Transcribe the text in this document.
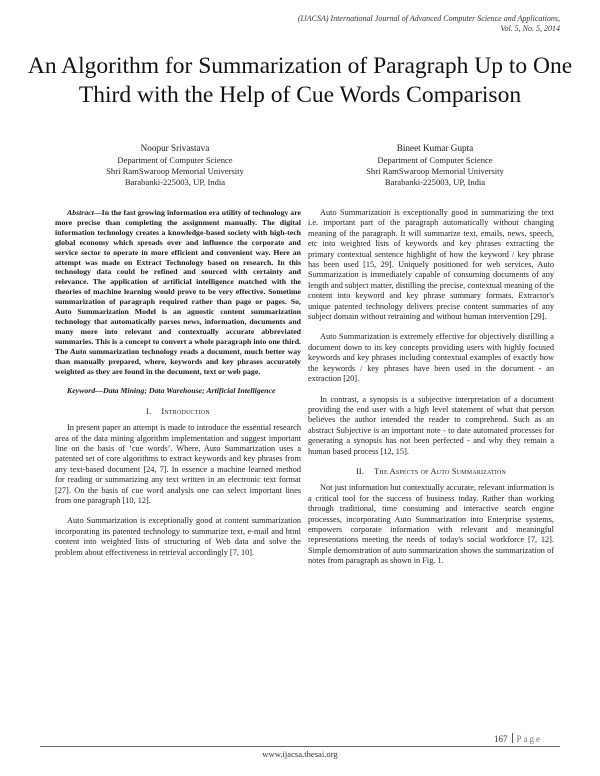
(IJACSA) International Journal of Advanced Computer Science and Applications,
Vol. 5, No. 5, 2014
An Algorithm for Summarization of Paragraph Up to One Third with the Help of Cue Words Comparison
Noopur Srivastava
Department of Computer Science
Shri RamSwaroop Memorial University
Barabanki-225003, UP, India
Bineet Kumar Gupta
Department of Computer Science
Shri RamSwaroop Memorial University
Barabanki-225003, UP, India

Abstract—In the fast growing information era utility of technology are more precise than completing the assignment manually. The digital information technology creates a knowledge-based society with high-tech global economy which spreads over and influence the corporate and service sector to operate in more efficient and convenient way. Here an attempt was made on Extract Technology based on research. In this technology data could be refined and sourced with certainty and relevance. The application of artificial intelligence matched with the theories of machine learning would prove to be very effective. Sometime summarization of paragraph required rather than page or pages. So, Auto Summarization Model is an agnostic content summarization technology that automatically parses news, information, documents and many more into relevant and contextually accurate abbreviated summaries. This is a concept to convert a whole paragraph into one third. The Auto summarization technology reads a document, much better way than manually prepared, where, keywords and key phrases accurately weighted as they are found in the document, text or web page.

Keyword—Data Mining; Data Warehouse; Artificial Intelligence

I. Introduction

In present paper an attempt is made to introduce the essential research area of the data mining algorithm implementation and suggest important line on the basis of ‘cue words’. Where, Auto Summarization uses a patented set of core algorithms to extract keywords and key phrases from any text-based document [24, 7]. In essence a machine learned method for reading or summarizing any text written in an electronic text format [27]. On the basis of cue word analysis one can select important lines from one paragraph [10, 12].

Auto Summarization is exceptionally good at content summarization incorporating its patented technology to summarize text, e-mail and html content into weighted lists of structuring of Web data and solve the problem about effectiveness in retrieval accordingly [7, 10].

Auto Summarization is exceptionally good in summarizing the text i.e. important part of the paragraph automatically without changing meaning of the paragraph. It will summarize text, emails, news, speech, etc into weighted lists of keywords and key phrases extracting the primary contextual sentence highlight of how the keyword / key phrase has been used [15, 29]. Uniquely positioned for web services, Auto Summarization is immediately capable of consuming documents of any length and subject matter, distilling the precise, contextual meaning of the content into keyword and key phrase summary formats. Extractor's unique patented technology delivers precise content summaries of any subject domain without retraining and without human intervention [29].

Auto Summarization is extremely effective for objectively distilling a document down to its key concepts providing users with highly focused keywords and key phrases including contextual examples of exactly how the keywords / key phrases have been used in the document - an extraction [20].

In contrast, a synopsis is a subjective interpretation of a document providing the end user with a high level statement of what that person believes the author intended the reader to comprehend. Such as an abstract Subjective is an important note - to date automated processes for generating a synopsis has not been perfected - and why they remain a human based process [12, 15].

II. The Aspects of Auto Summarization

Not just information but contextually accurate, relevant information is a critical tool for the success of business today. Rather than working through traditional, time consuming and interactive search engine processes, incorporating Auto Summarization into Enterprise systems, empowers corporate information with relevant and meaningful representations meeting the needs of today's social workforce [7, 12]. Simple demonstration of auto summarization shows the summarization of notes from paragraph as shown in Fig. 1.

167 Page
www.ijacsa.thesai.org
